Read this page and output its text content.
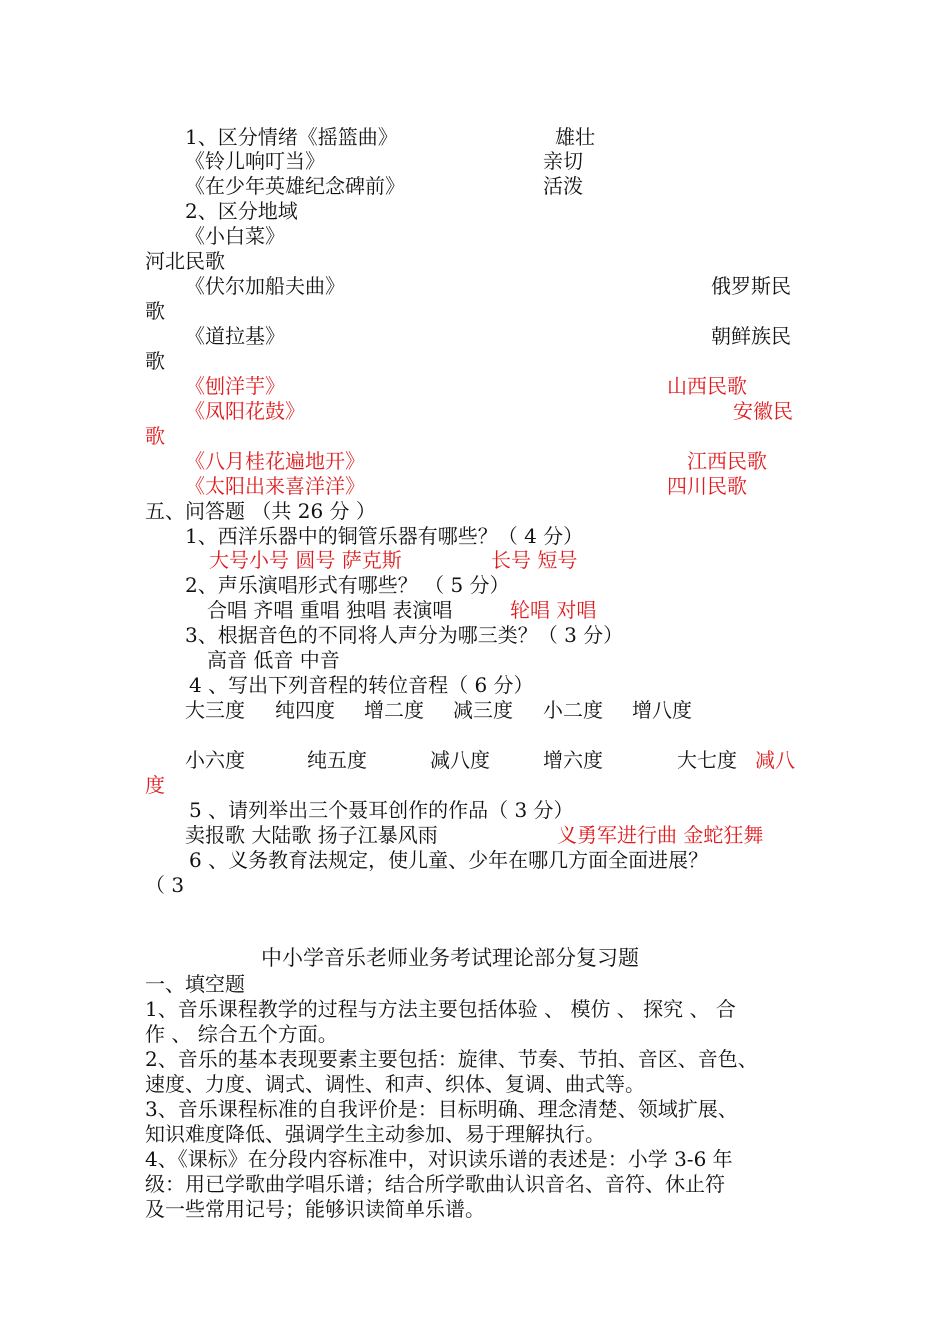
1、区分情绪《摇篮曲》	雄壮
《铃儿响叮当》	亲切
《在少年英雄纪念碑前》	活泼
2、区分地域
《小白菜》
河北民歌
《伏尔加船夫曲》	俄罗斯民
歌
《道拉基》	朝鲜族民
歌
《刨洋芋》	山西民歌
《凤阳花鼓》	安徽民
歌
《八月桂花遍地开》	江西民歌
《太阳出来喜洋洋》	四川民歌
五、问答题 （共 26 分 ）
1、西洋乐器中的铜管乐器有哪些？（ 4 分）
大号小号 圆号 萨克斯	长号 短号
2、声乐演唱形式有哪些？ （ 5 分）
合唱 齐唱 重唱 独唱 表演唱	轮唱 对唱
3、根据音色的不同将人声分为哪三类？（ 3 分）
高音 低音 中音
4 、写出下列音程的转位音程（ 6 分）
大三度 纯四度 增二度 减三度 小二度 增八度
小六度	纯五度	减八度	增六度	大七度 减八
度
5 、请列举出三个聂耳创作的作品（ 3 分）
卖报歌 大陆歌 扬子江暴风雨	义勇军进行曲 金蛇狂舞
6 、义务教育法规定，使儿童、少年在哪几方面全面进展？
（ 3
中小学音乐老师业务考试理论部分复习题
一、填空题
1、音乐课程教学的过程与方法主要包括体验 、 模仿 、 探究 、 合
作 、 综合五个方面。
2、音乐的基本表现要素主要包括：旋律、节奏、节拍、音区、音色、
速度、力度、调式、调性、和声、织体、复调、曲式等。
3、音乐课程标准的自我评价是：目标明确、理念清楚、领域扩展、
知识难度降低、强调学生主动参加、易于理解执行。
4、《课标》在分段内容标准中，对识读乐谱的表述是：小学 3-6 年
级：用已学歌曲学唱乐谱；结合所学歌曲认识音名、音符、休止符
及一些常用记号；能够识读简单乐谱。
